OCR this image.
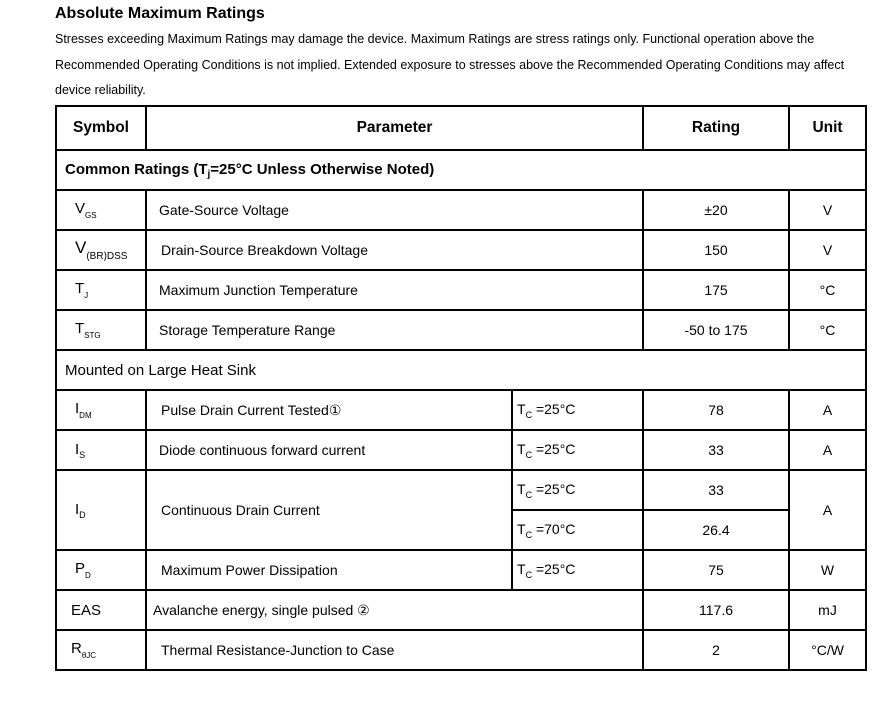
Absolute Maximum Ratings
Stresses exceeding Maximum Ratings may damage the device. Maximum Ratings are stress ratings only. Functional operation above the
Recommended Operating Conditions is not implied. Extended exposure to stresses above the Recommended Operating Conditions may affect
device reliability.
Symbol	Parameter		Rating	Unit
Common Ratings ($T_j=25^\circ C$ Unless Otherwise Noted)				
$V_{GS}$	Gate-Source Voltage		±20	V
$V_{(BR)DSS}$	Drain-Source Breakdown Voltage		150	V
$T_J$	Maximum Junction Temperature		175	°C
$T_{STG}$	Storage Temperature Range		-50 to 175	°C
Mounted on Large Heat Sink				
$I_{DM}$	Pulse Drain Current Tested①	$T_C =25^\circ C$	78	A
$I_S$	Diode continuous forward current	$T_C =25^\circ C$	33	A
$I_D$	Continuous Drain Current	$T_C =25^\circ C$	33	A
		$T_C =70^\circ C$	26.4	
$P_D$	Maximum Power Dissipation	$T_C =25^\circ C$	75	W
EAS	Avalanche energy, single pulsed ②		117.6	mJ
$R_{\theta JC}$	Thermal Resistance-Junction to Case		2	°C/W
